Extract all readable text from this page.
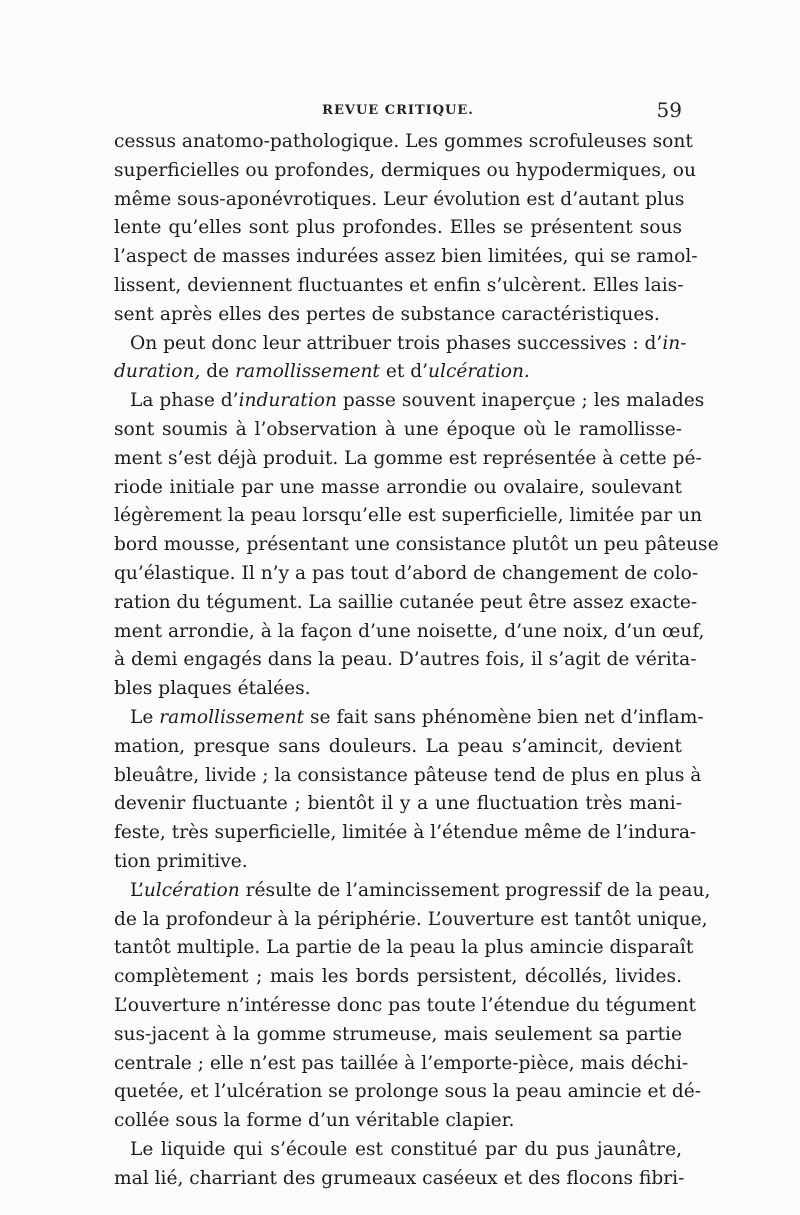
REVUE CRITIQUE.	59
cessus anatomo-pathologique. Les gommes scrofuleuses sont
superficielles ou profondes, dermiques ou hypodermiques, ou
même sous-aponévrotiques. Leur évolution est d’autant plus
lente qu’elles sont plus profondes. Elles se présentent sous
l’aspect de masses indurées assez bien limitées, qui se ramol-
lissent, deviennent fluctuantes et enfin s’ulcèrent. Elles lais-
sent après elles des pertes de substance caractéristiques.
On peut donc leur attribuer trois phases successives : d’in-
duration, de ramollissement et d’ulcération.
La phase d’induration passe souvent inaperçue ; les malades
sont soumis à l’observation à une époque où le ramollisse-
ment s’est déjà produit. La gomme est représentée à cette pé-
riode initiale par une masse arrondie ou ovalaire, soulevant
légèrement la peau lorsqu’elle est superficielle, limitée par un
bord mousse, présentant une consistance plutôt un peu pâteuse
qu’élastique. Il n’y a pas tout d’abord de changement de colo-
ration du tégument. La saillie cutanée peut être assez exacte-
ment arrondie, à la façon d’une noisette, d’une noix, d’un œuf,
à demi engagés dans la peau. D’autres fois, il s’agit de vérita-
bles plaques étalées.
Le ramollissement se fait sans phénomène bien net d’inflam-
mation, presque sans douleurs. La peau s’amincit, devient
bleuâtre, livide ; la consistance pâteuse tend de plus en plus à
devenir fluctuante ; bientôt il y a une fluctuation très mani-
feste, très superficielle, limitée à l’étendue même de l’indura-
tion primitive.
L’ulcération résulte de l’amincissement progressif de la peau,
de la profondeur à la périphérie. L’ouverture est tantôt unique,
tantôt multiple. La partie de la peau la plus amincie disparaît
complètement ; mais les bords persistent, décollés, livides.
L’ouverture n’intéresse donc pas toute l’étendue du tégument
sus-jacent à la gomme strumeuse, mais seulement sa partie
centrale ; elle n’est pas taillée à l’emporte-pièce, mais déchi-
quetée, et l’ulcération se prolonge sous la peau amincie et dé-
collée sous la forme d’un véritable clapier.
Le liquide qui s’écoule est constitué par du pus jaunâtre,
mal lié, charriant des grumeaux caséeux et des flocons fibri-
